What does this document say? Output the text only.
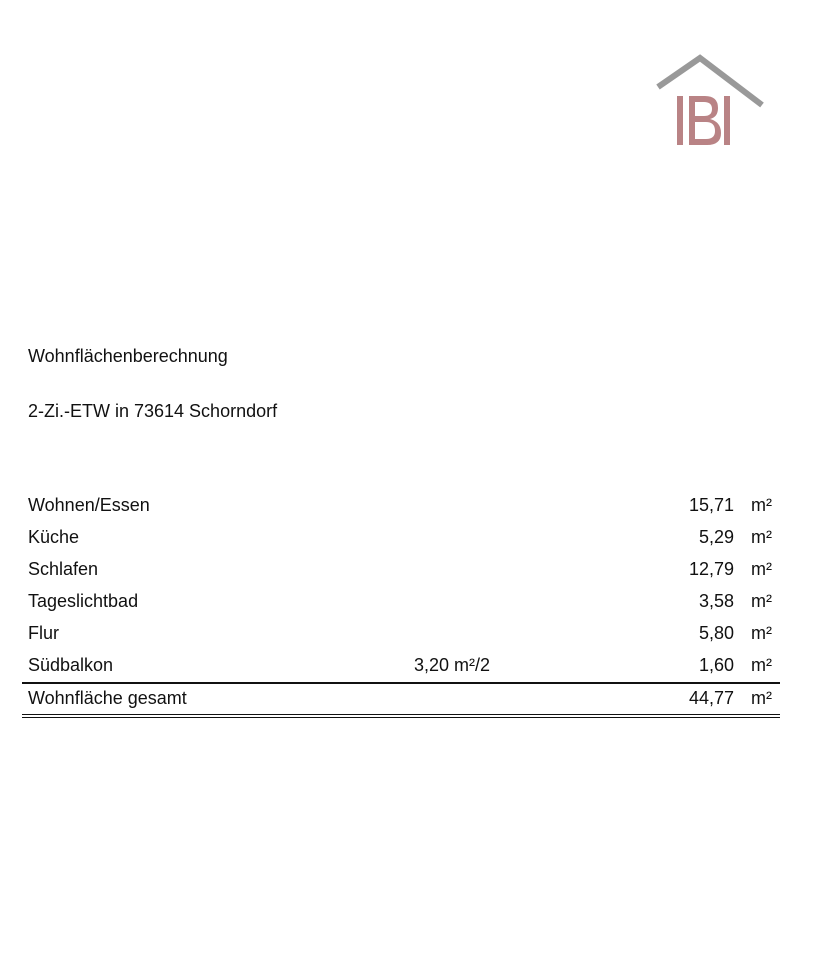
Wohnflächenberechnung
2-Zi.-ETW in 73614 Schorndorf
Wohnen/Essen	15,71 m²
Küche	5,29 m²
Schlafen	12,79 m²
Tageslichtbad	3,58 m²
Flur	5,80 m²
Südbalkon	3,20 m²/2	1,60 m²
Wohnfläche gesamt	44,77 m²
